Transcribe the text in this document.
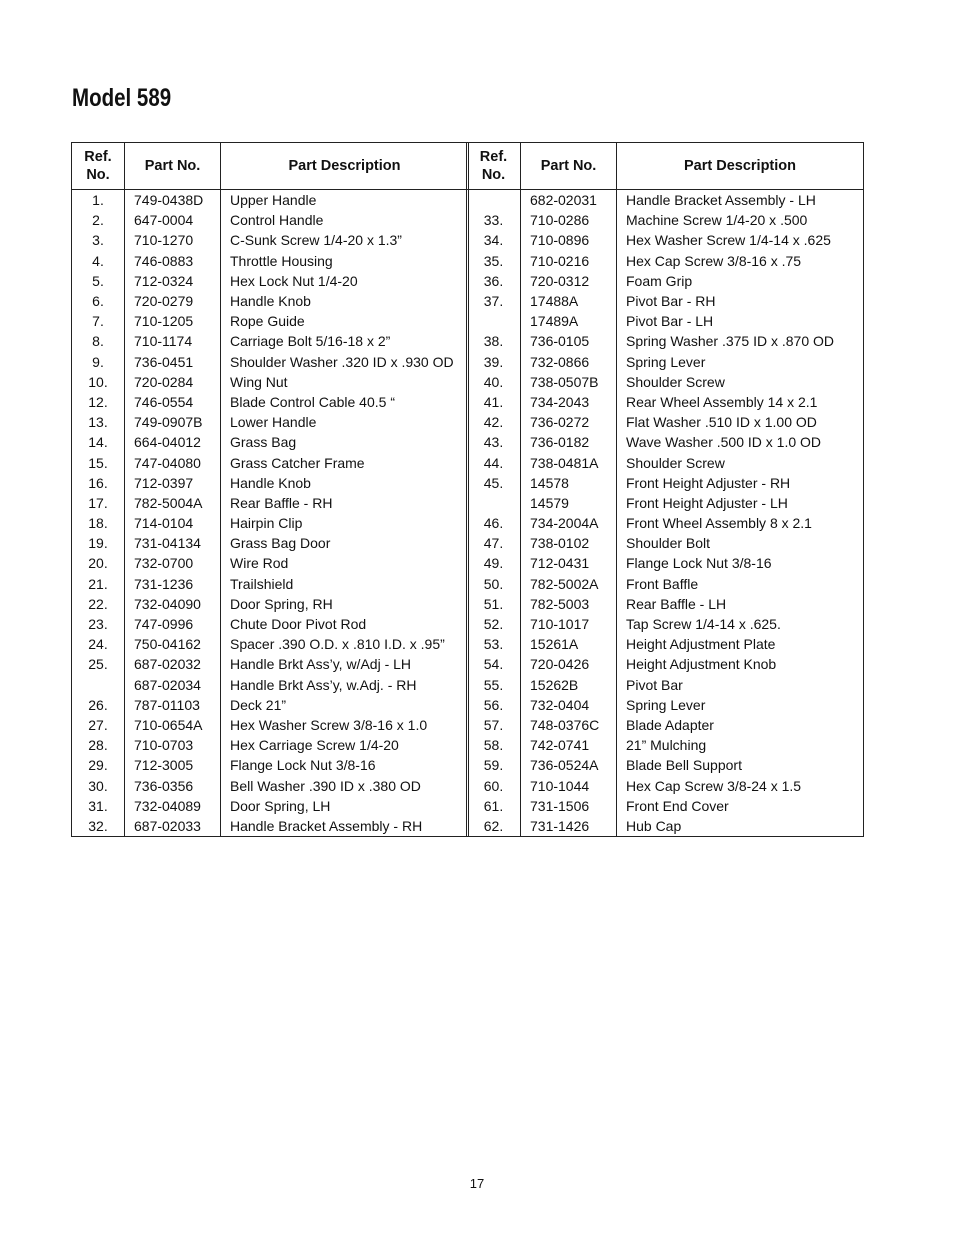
Model 589
Ref.
No.	Part No.	Part Description
1.	749-0438D	Upper Handle
2.	647-0004	Control Handle
3.	710-1270	C-Sunk Screw 1/4-20 x 1.3”
4.	746-0883	Throttle Housing
5.	712-0324	Hex Lock Nut 1/4-20
6.	720-0279	Handle Knob
7.	710-1205	Rope Guide
8.	710-1174	Carriage Bolt 5/16-18 x 2”
9.	736-0451	Shoulder Washer .320 ID x .930 OD
10.	720-0284	Wing Nut
12.	746-0554	Blade Control Cable 40.5 “
13.	749-0907B	Lower Handle
14.	664-04012	Grass Bag
15.	747-04080	Grass Catcher Frame
16.	712-0397	Handle Knob
17.	782-5004A	Rear Baffle - RH
18.	714-0104	Hairpin Clip
19.	731-04134	Grass Bag Door
20.	732-0700	Wire Rod
21.	731-1236	Trailshield
22.	732-04090	Door Spring, RH
23.	747-0996	Chute Door Pivot Rod
24.	750-04162	Spacer .390 O.D. x .810 I.D. x .95”
25.	687-02032	Handle Brkt Ass’y, w/Adj - LH
	687-02034	Handle Brkt Ass’y, w.Adj. - RH
26.	787-01103	Deck 21”
27.	710-0654A	Hex Washer Screw 3/8-16 x 1.0
28.	710-0703	Hex Carriage Screw 1/4-20
29.	712-3005	Flange Lock Nut 3/8-16
30.	736-0356	Bell Washer .390 ID x .380 OD
31.	732-04089	Door Spring, LH
32.	687-02033	Handle Bracket Assembly - RH
Ref.
No.	Part No.	Part Description
	682-02031	Handle Bracket Assembly - LH
33.	710-0286	Machine Screw 1/4-20 x .500
34.	710-0896	Hex Washer Screw 1/4-14 x .625
35.	710-0216	Hex Cap Screw 3/8-16 x .75
36.	720-0312	Foam Grip
37.	17488A	Pivot Bar - RH
	17489A	Pivot Bar - LH
38.	736-0105	Spring Washer .375 ID x .870 OD
39.	732-0866	Spring Lever
40.	738-0507B	Shoulder Screw
41.	734-2043	Rear Wheel Assembly 14 x 2.1
42.	736-0272	Flat Washer .510 ID x 1.00 OD
43.	736-0182	Wave Washer .500 ID x 1.0 OD
44.	738-0481A	Shoulder Screw
45.	14578	Front Height Adjuster - RH
	14579	Front Height Adjuster - LH
46.	734-2004A	Front Wheel Assembly 8 x 2.1
47.	738-0102	Shoulder Bolt
49.	712-0431	Flange Lock Nut 3/8-16
50.	782-5002A	Front Baffle
51.	782-5003	Rear Baffle - LH
52.	710-1017	Tap Screw 1/4-14 x .625.
53.	15261A	Height Adjustment Plate
54.	720-0426	Height Adjustment Knob
55.	15262B	Pivot Bar
56.	732-0404	Spring Lever
57.	748-0376C	Blade Adapter
58.	742-0741	21” Mulching
59.	736-0524A	Blade Bell Support
60.	710-1044	Hex Cap Screw 3/8-24 x 1.5
61.	731-1506	Front End Cover
62.	731-1426	Hub Cap
17
